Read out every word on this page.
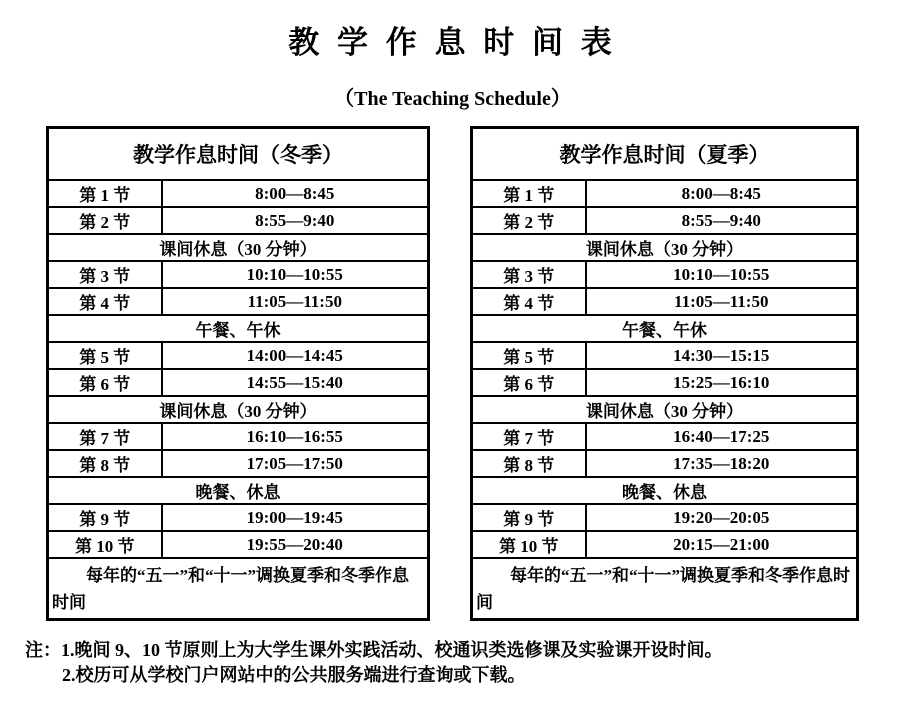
教 学 作 息 时 间 表
（The Teaching Schedule）
教学作息时间（冬季）	
第 1 节	8:00—8:45
第 2 节	8:55—9:40
课间休息（30 分钟）	
第 3 节	10:10—10:55
第 4 节	11:05—11:50
午餐、午休	
第 5 节	14:00—14:45
第 6 节	14:55—15:40
课间休息（30 分钟）	
第 7 节	16:10—16:55
第 8 节	17:05—17:50
晚餐、休息	
第 9 节	19:00—19:45
第 10 节	19:55—20:40
每年的“五一”和“十一”调换夏季和冬季作息时间	
教学作息时间（夏季）	
第 1 节	8:00—8:45
第 2 节	8:55—9:40
课间休息（30 分钟）	
第 3 节	10:10—10:55
第 4 节	11:05—11:50
午餐、午休	
第 5 节	14:30—15:15
第 6 节	15:25—16:10
课间休息（30 分钟）	
第 7 节	16:40—17:25
第 8 节	17:35—18:20
晚餐、休息	
第 9 节	19:20—20:05
第 10 节	20:15—21:00
每年的“五一”和“十一”调换夏季和冬季作息时间	
注：1.晚间 9、10 节原则上为大学生课外实践活动、校通识类选修课及实验课开设时间。
2.校历可从学校门户网站中的公共服务端进行查询或下载。
